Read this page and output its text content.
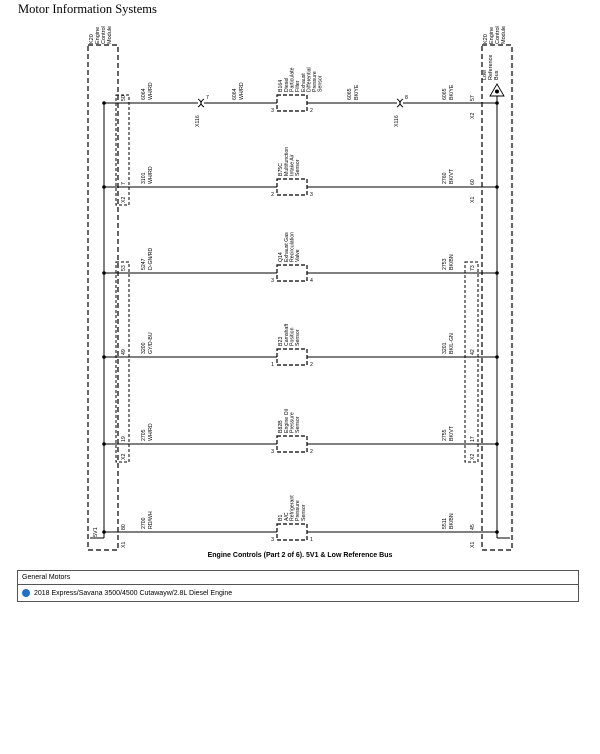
Motor Information Systems
K20 Engine Control Module	K20 Engine Control Module
5V1
Low Reference Bus
50	57
X2
6064 WH/RD	6065 BK/YE
3	2
B164 Diesel Particulate Filter Exhaust Differential Pressure Sensor
7
X116
8
X116
6064 WH/RD	6065 BK/YE
7
X2
60
X1
3101 WH/RD	2760 BK/VT
2	3
B75C Multifunction Intake Air Sensor
53	73
5247 D-GN/RD	2753 BK/BN
3	4
Q14 Exhaust Gas Recirculation Valve
49	42
3200 GY/D-BU	3201 BK/L-GN
1	2
B23 Camshaft Position Sensor
19
X2
17
X2
2705 WH/RD	2755 BK/VT
3	2
B82B Engine Oil Pressure Sensor
80
X1
45
X1
2700 RD/WH	5511 BK/BN
3	1
B1 A/C Refrigerant Pressure Sensor
Engine Controls (Part 2 of 6). 5V1 & Low Reference Bus
General Motors
2018 Express/Savana 3500/4500 Cutawayw/2.8L Diesel Engine
